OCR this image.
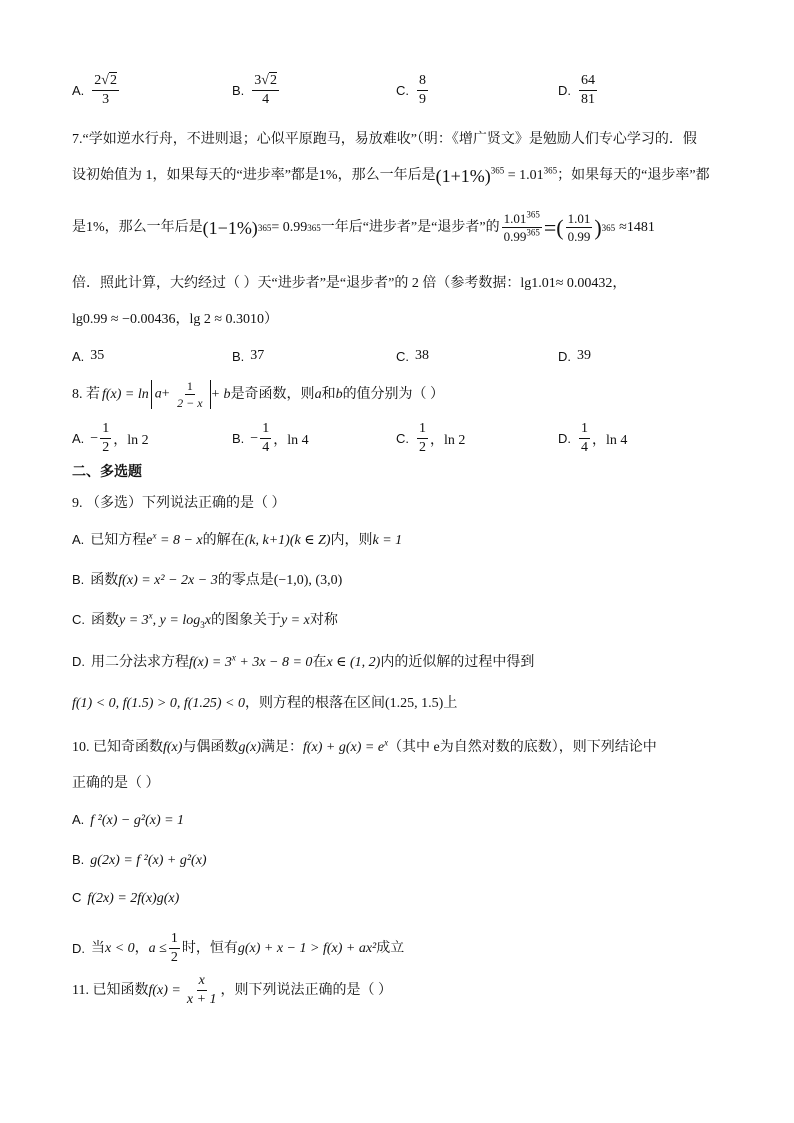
A. $\frac{2√2}{3}$	B. $\frac{3√2}{4}$	C. $\frac{8}{9}$	D. $\frac{64}{81}$
7.“学如逆水行舟，不进则退；心似平原跑马，易放难收”（明：《增广贤文》是勉励人们专心学习的．假
设初始值为 1，如果每天的“进步率”都是1%，那么一年后是$(1+1\%)^{365} = 1.01^{365}$；如果每天的“退步率”都
是1%，那么一年后是 (1−1%) 365 = 0.99 365 一年后“进步者”是“退步者”的 $\frac{1.01^{365}}{0.99^{365}}$ =( $\frac{1.01}{0.99}$ ) 365 ≈1481
倍．照此计算，大约经过（ ）天“进步者”是“退步者”的 2 倍（参考数据：lg1.01≈ 0.00432，
lg0.99 ≈ −0.00436，lg 2 ≈ 0.3010）
A. 35	B. 37	C. 38	D. 39
8. 若 $f(x) = \ln a+ \frac{1}{2 - x} + b$ 是奇函数，则 a 和 b 的值分别为（ ）
A. − $\frac{1}{2}$ ，ln 2	B. − $\frac{1}{4}$ ，ln 4	C. $\frac{1}{2}$ ，ln 2	D. $\frac{1}{4}$ ，ln 4
二、多选题
9. （多选）下列说法正确的是（ ）
A. 已知方程$e^x = 8 - x$的解在(k, k+1)(k ∈ Z)内，则k = 1
B. 函数f(x) = x² − 2x − 3的零点是(−1,0), (3,0)
C. 函数$y = 3^x$, $y = \log_3x$的图象关于y = x对称
D. 用二分法求方程$f(x) = 3^x + 3x - 8 = 0$在x ∈ (1, 2)内的近似解的过程中得到
f(1) < 0, f(1.5) > 0, f(1.25) < 0，则方程的根落在区间(1.25, 1.5)上
10. 已知奇函数f(x)与偶函数g(x)满足：$f(x) + g(x) = e^x$（其中 e为自然对数的底数），则下列结论中
正确的是（ ）
A. f ²(x) − g²(x) = 1
B. g(2x) = f ²(x) + g²(x)
C f(2x) = 2f(x)g(x)
D. 当 x < 0 ， $a \le \frac{1}{2}$ 时，恒有 g(x) + x − 1 > f(x) + ax² 成立
11. 已知函数 $f(x) = \frac{x}{x + 1}$ ，则下列说法正确的是（ ）
